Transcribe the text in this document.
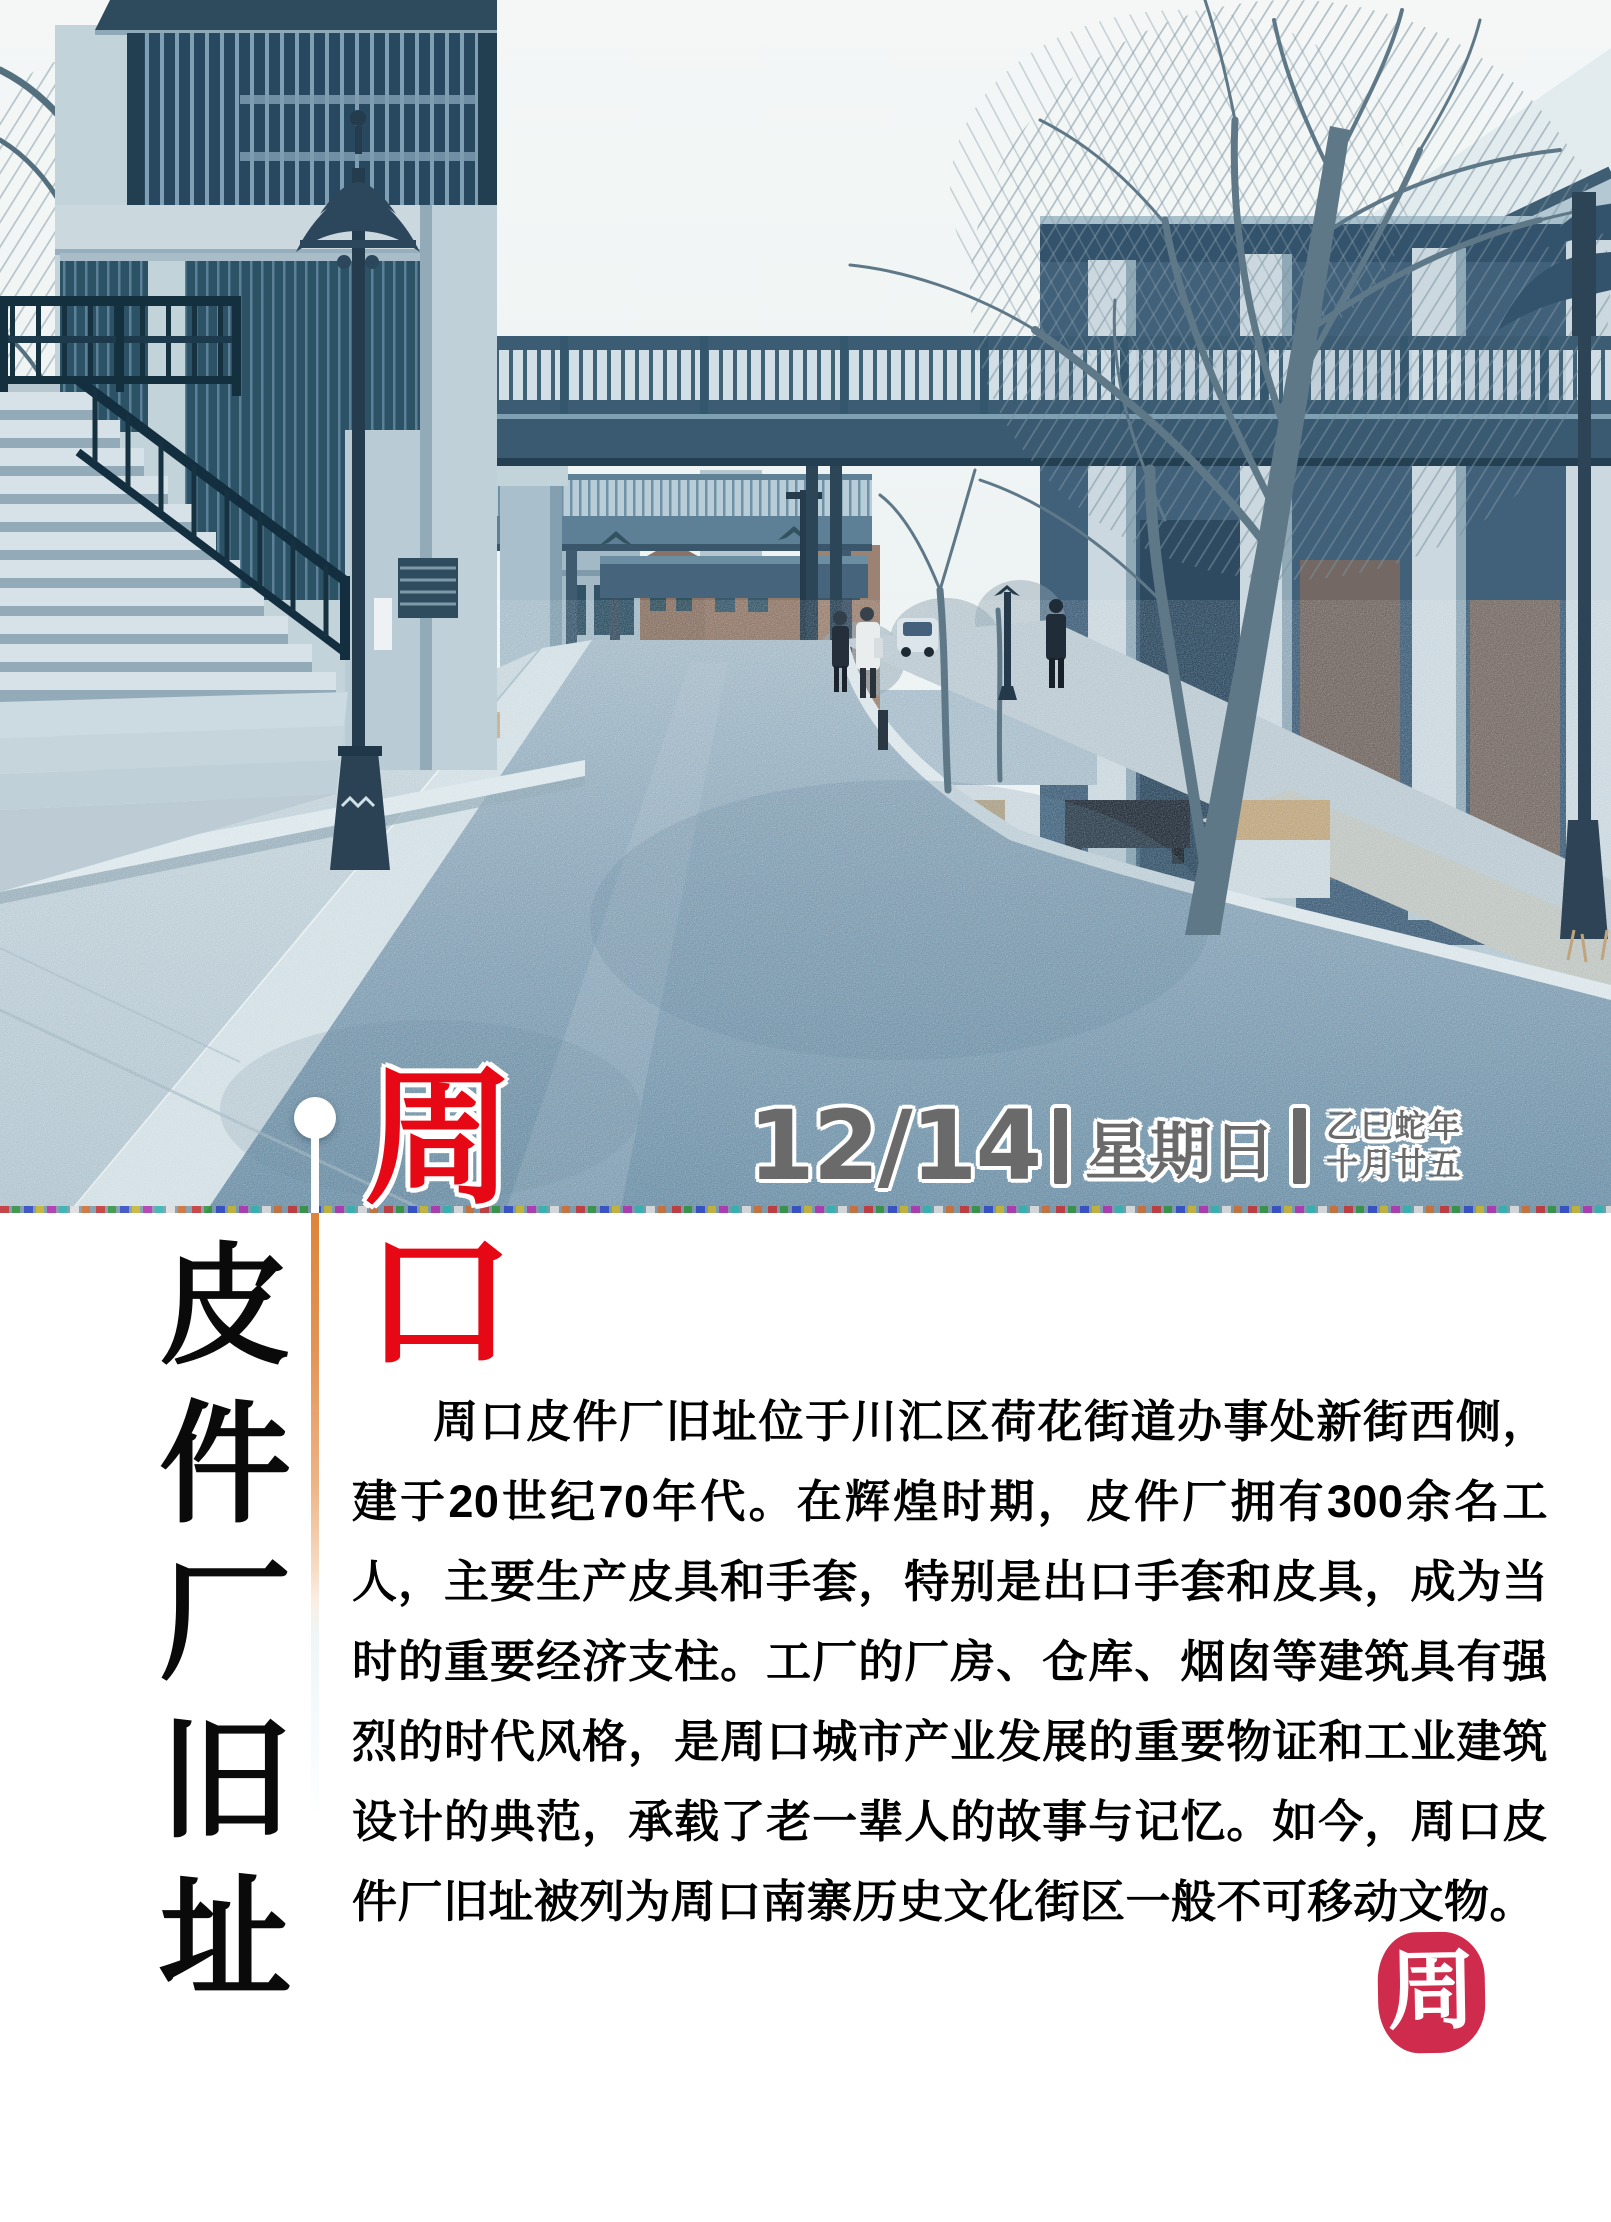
12/14 星期日 乙巳蛇年
十月廿五
周口
皮件厂旧址	周口皮件厂旧址位于川汇区荷花街道办事处新街西侧，建于20世纪70年代。在辉煌时期，皮件厂拥有300余名工人，主要生产皮具和手套，特别是出口手套和皮具，成为当时的重要经济支柱。工厂的厂房、仓库、烟囱等建筑具有强烈的时代风格，是周口城市产业发展的重要物证和工业建筑设计的典范，承载了老一辈人的故事与记忆。如今，周口皮件厂旧址被列为周口南寨历史文化街区一般不可移动文物。
周
